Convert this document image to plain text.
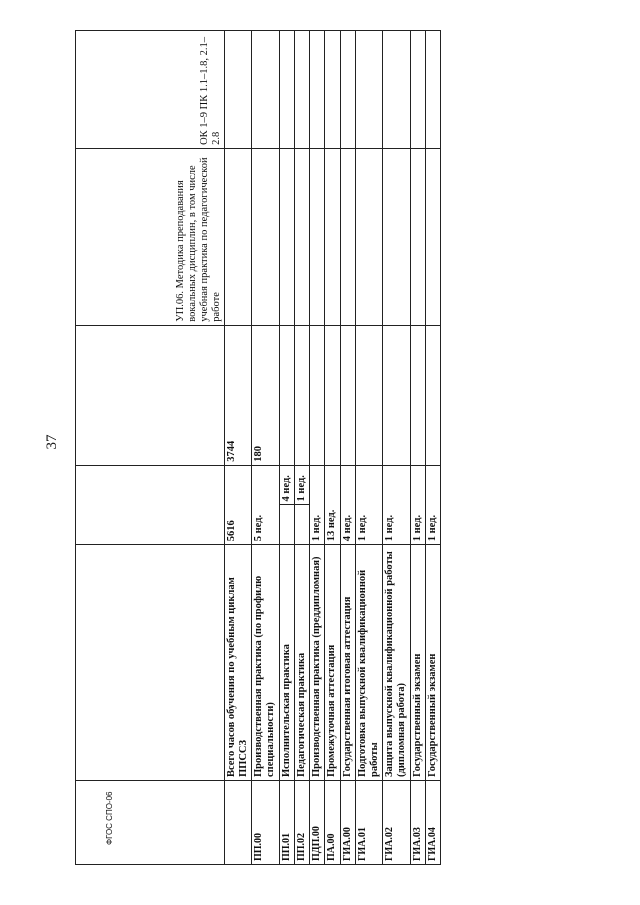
37
					УП.06. Методика преподавания вокальных дисциплин, в том числе учебная практика по педагогической работе	ОК 1–9 ПК 1.1–1.8, 2.1–2.8
	Всего часов обучения по учебным циклам ППССЗ	5616		3744		
ПП.00	Производственная практика (по профилю специальности)	5 нед.		180		
ПП.01	Исполнительская практика		4 нед.			
ПП.02	Педагогическая практика		1 нед.			
ПДП.00	Производственная практика (преддипломная)	1 нед.				
ПА.00	Промежуточная аттестация	13 нед.				
ГИА.00	Государственная итоговая аттестация	4 нед.				
ГИА.01	Подготовка выпускной квалификационной работы	1 нед.				
ГИА.02	Защита выпускной квалификационной работы (дипломная работа)	1 нед.				
ГИА.03	Государственный экзамен	1 нед.				
ГИА.04	Государственный экзамен	1 нед.				
ФГОС СПО-06
